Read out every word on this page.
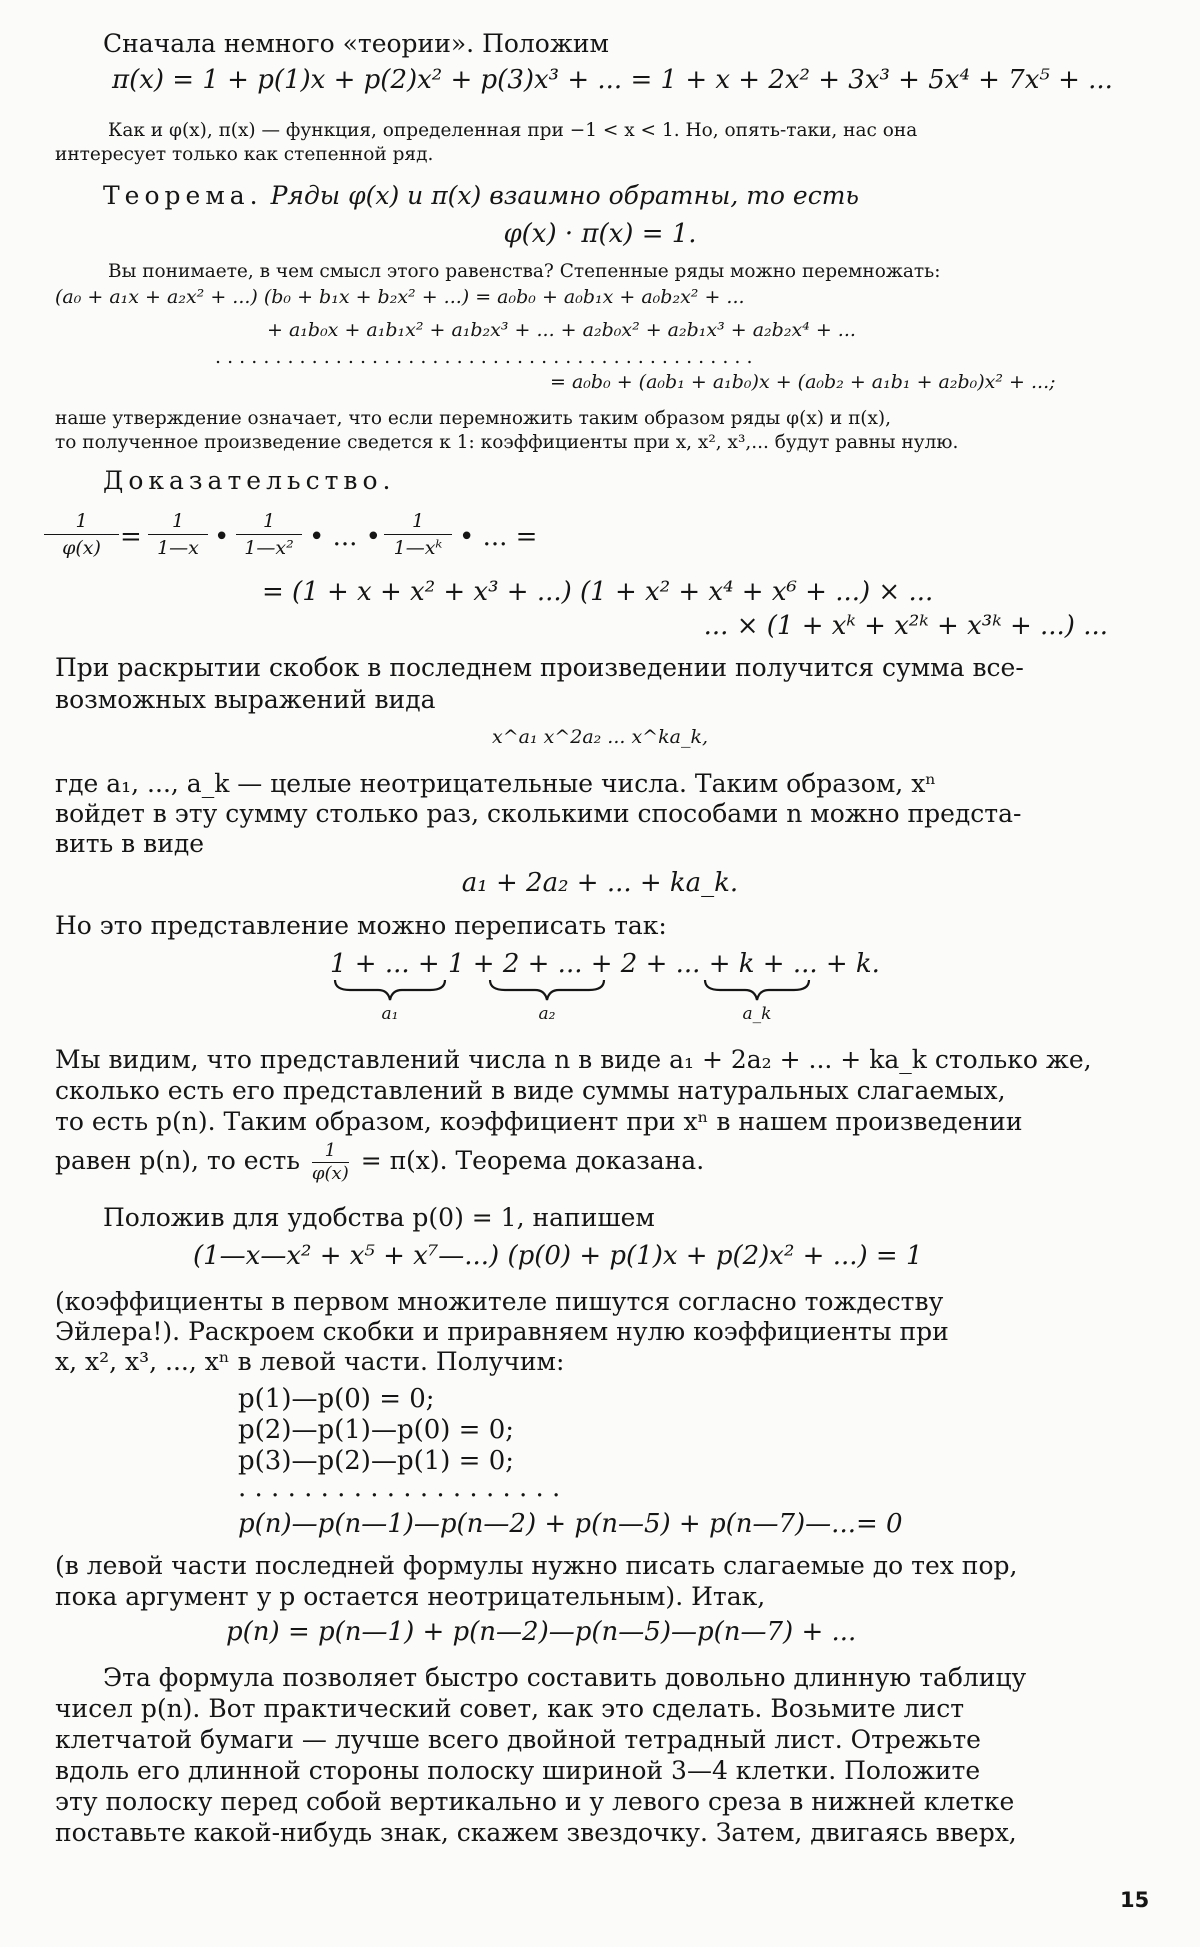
Сначала немного «теории». Положим
π(x) = 1 + p(1)x + p(2)x² + p(3)x³ + ... = 1 + x + 2x² + 3x³ + 5x⁴ + 7x⁵ + ...
Как и φ(x), π(x) — функция, определенная при −1 < x < 1. Но, опять-таки, нас она
интересует только как степенной ряд.
Теорема. Ряды φ(x) и π(x) взаимно обратны, то есть
φ(x) · π(x) = 1.
Вы понимаете, в чем смысл этого равенства? Степенные ряды можно перемножать:
(a₀ + a₁x + a₂x² + ...) (b₀ + b₁x + b₂x² + ...) = a₀b₀ + a₀b₁x + a₀b₂x² + ...
+ a₁b₀x + a₁b₁x² + a₁b₂x³ + ... + a₂b₀x² + a₂b₁x³ + a₂b₂x⁴ + ...
. . . . . . . . . . . . . . . . . . . . . . . . . . . . . . . . . . . . . . . . . . . . .
= a₀b₀ + (a₀b₁ + a₁b₀)x + (a₀b₂ + a₁b₁ + a₂b₀)x² + ...;
наше утверждение означает, что если перемножить таким образом ряды φ(x) и π(x),
то полученное произведение сведется к 1: коэффициенты при x, x², x³,... будут равны нулю.
Доказательство.
$\frac{1}{\varphi(x)} = \frac{1}{1—x}$ • $\frac{1}{\text{1—x²}}$ • ... • $\frac{1}{\text{1—xᵏ}}$ • ... =
= (1 + x + x² + x³ + ...) (1 + x² + x⁴ + x⁶ + ...) × ...
... × (1 + xᵏ + x²ᵏ + x³ᵏ + ...) ...
При раскрытии скобок в последнем произведении получится сумма все-
возможных выражений вида
x^a₁ x^2a₂ ... x^ka_k,
где a₁, ..., a_k — целые неотрицательные числа. Таким образом, xⁿ
войдет в эту сумму столько раз, сколькими способами n можно предста-
вить в виде
a₁ + 2a₂ + ... + ka_k.
Но это представление можно переписать так:
1 + ... + 1 + 2 + ... + 2 + ... + k + ... + k.
a₁	a₂	a_k
Мы видим, что представлений числа n в виде a₁ + 2a₂ + ... + ka_k столько же,
сколько есть его представлений в виде суммы натуральных слагаемых,
то есть p(n). Таким образом, коэффициент при xⁿ в нашем произведении
равен p(n), то есть $\frac{1}{\varphi(x)} = \pi(x)$. Теорема доказана.
Положив для удобства p(0) = 1, напишем
(1—x—x² + x⁵ + x⁷—...) (p(0) + p(1)x + p(2)x² + ...) = 1
(коэффициенты в первом множителе пишутся согласно тождеству
Эйлера!). Раскроем скобки и приравняем нулю коэффициенты при
x, x², x³, ..., xⁿ в левой части. Получим:
p(1)—p(0) = 0;
p(2)—p(1)—p(0) = 0;
p(3)—p(2)—p(1) = 0;
. . . . . . . . . . . . . . . . . . . .
p(n)—p(n—1)—p(n—2) + p(n—5) + p(n—7)—...= 0
(в левой части последней формулы нужно писать слагаемые до тех пор,
пока аргумент у p остается неотрицательным). Итак,
p(n) = p(n—1) + p(n—2)—p(n—5)—p(n—7) + ...
Эта формула позволяет быстро составить довольно длинную таблицу
чисел p(n). Вот практический совет, как это сделать. Возьмите лист
клетчатой бумаги — лучше всего двойной тетрадный лист. Отрежьте
вдоль его длинной стороны полоску шириной 3—4 клетки. Положите
эту полоску перед собой вертикально и у левого среза в нижней клетке
поставьте какой-нибудь знак, скажем звездочку. Затем, двигаясь вверх,
15
